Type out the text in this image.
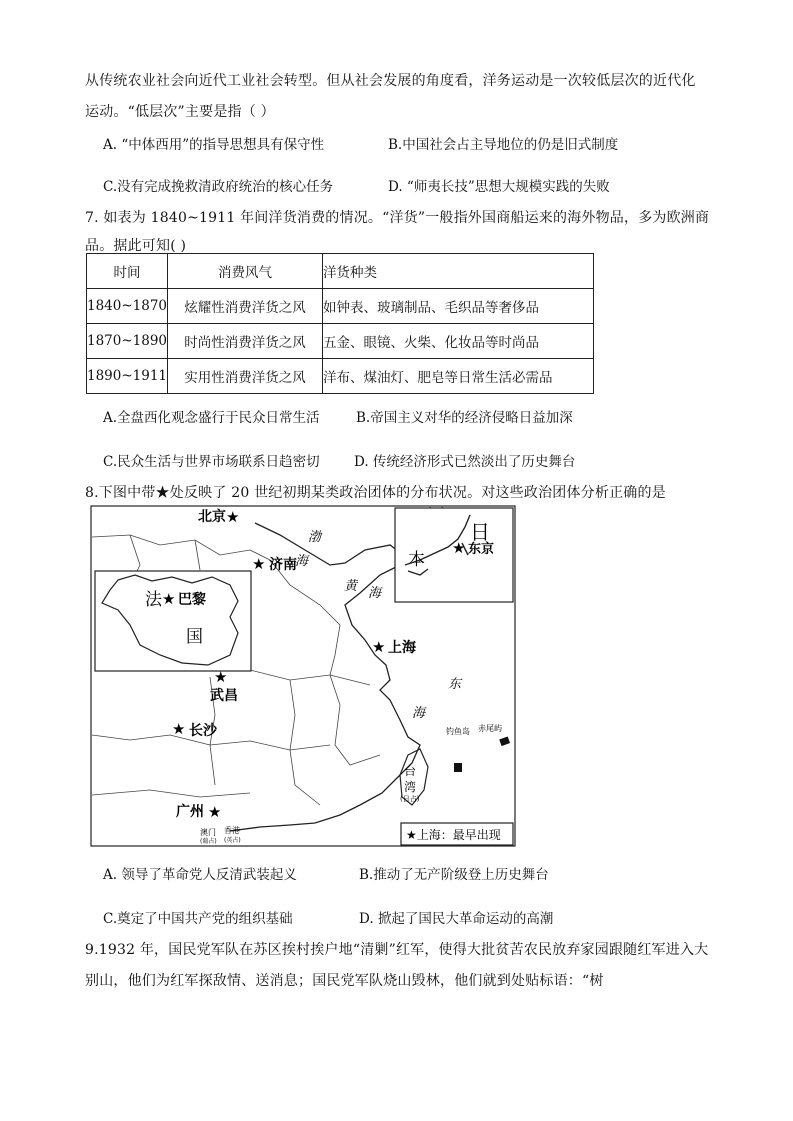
从传统农业社会向近代工业社会转型。但从社会发展的角度看，洋务运动是一次较低层次的近代化
运动。“低层次”主要是指（ ）
A. “中体西用”的指导思想具有保守性	B.中国社会占主导地位的仍是旧式制度
C.没有完成挽救清政府统治的核心任务	D. “师夷长技”思想大规模实践的失败
7. 如表为 1840~1911 年间洋货消费的情况。“洋货”一般指外国商船运来的海外物品，多为欧洲商
品。据此可知( )
时间	消费风气	洋货种类
1840~1870	炫耀性消费洋货之风	如钟表、玻璃制品、毛织品等奢侈品
1870~1890	时尚性消费洋货之风	五金、眼镜、火柴、化妆品等时尚品
1890~1911	实用性消费洋货之风	洋布、煤油灯、肥皂等日常生活必需品
A.全盘西化观念盛行于民众日常生活	B.帝国主义对华的经济侵略日益加深
C.民众生活与世界市场联系日趋密切	D. 传统经济形式已然淡出了历史舞台
8.下图中带★处反映了 20 世纪初期某类政治团体的分布状况。对这些政治团体分析正确的是
日
本
★ 东京
法 ★ 巴黎
国
渤
海
黄 海
东
海
北京 ★
★ 济南
★ 上海
★
武昌
★ 长沙
广州 ★
澳门
(葡占)
香港
(英占)
台
湾
(日占)
钓鱼岛 赤尾屿
★上海：最早出现
A. 领导了革命党人反清武装起义	B.推动了无产阶级登上历史舞台
C.奠定了中国共产党的组织基础	D. 掀起了国民大革命运动的高潮
9.1932 年，国民党军队在苏区挨村挨户地“清剿”红军，使得大批贫苦农民放弃家园跟随红军进入大
别山，他们为红军探敌情、送消息；国民党军队烧山毁林，他们就到处贴标语：“树
